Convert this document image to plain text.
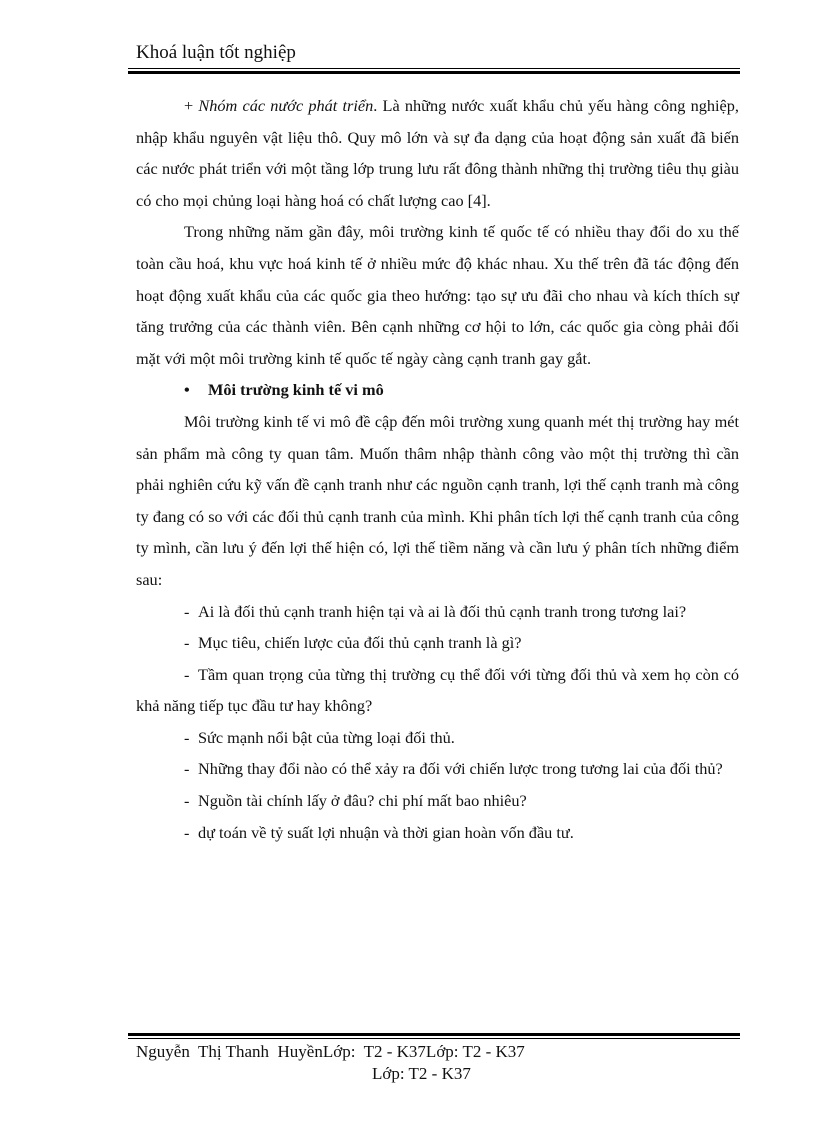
Khoá luận tốt nghiệp

+ Nhóm các nước phát triển. Là những nước xuất khẩu chủ yếu hàng công nghiệp, nhập khẩu nguyên vật liệu thô. Quy mô lớn và sự đa dạng của hoạt động sản xuất đã biến các nước phát triển với một tầng lớp trung lưu rất đông thành những thị trường tiêu thụ giàu có cho mọi chủng loại hàng hoá có chất lượng cao [4].

Trong những năm gần đây, môi trường kinh tế quốc tế có nhiều thay đổi do xu thế toàn cầu hoá, khu vực hoá kinh tế ở nhiều mức độ khác nhau. Xu thế trên đã tác động đến hoạt động xuất khẩu của các quốc gia theo hướng: tạo sự ưu đãi cho nhau và kích thích sự tăng trưởng của các thành viên. Bên cạnh những cơ hội to lớn, các quốc gia còng phải đối mặt với một môi trường kinh tế quốc tế ngày càng cạnh tranh gay gắt.

• Môi trường kinh tế vi mô

Môi trường kinh tế vi mô đề cập đến môi trường xung quanh mét thị trường hay mét sản phẩm mà công ty quan tâm. Muốn thâm nhập thành công vào một thị trường thì cần phải nghiên cứu kỹ vấn đề cạnh tranh như các nguồn cạnh tranh, lợi thế cạnh tranh mà công ty đang có so với các đối thủ cạnh tranh của mình. Khi phân tích lợi thế cạnh tranh của công ty mình, cần lưu ý đến lợi thế hiện có, lợi thế tiềm năng và cần lưu ý phân tích những điểm sau:

- Ai là đối thủ cạnh tranh hiện tại và ai là đối thủ cạnh tranh trong tương lai?

- Mục tiêu, chiến lược của đối thủ cạnh tranh là gì?

- Tầm quan trọng của từng thị trường cụ thể đối với từng đối thủ và xem họ còn có khả năng tiếp tục đầu tư hay không?

- Sức mạnh nổi bật của từng loại đối thủ.

- Những thay đổi nào có thể xảy ra đối với chiến lược trong tương lai của đối thủ?

- Nguồn tài chính lấy ở đâu? chi phí mất bao nhiêu?

- dự toán về tỷ suất lợi nhuận và thời gian hoàn vốn đầu tư.

Nguyễn  Thị Thanh  HuyềnLớp:  T2 - K37Lớp: T2 - K37
Lớp: T2 - K37
